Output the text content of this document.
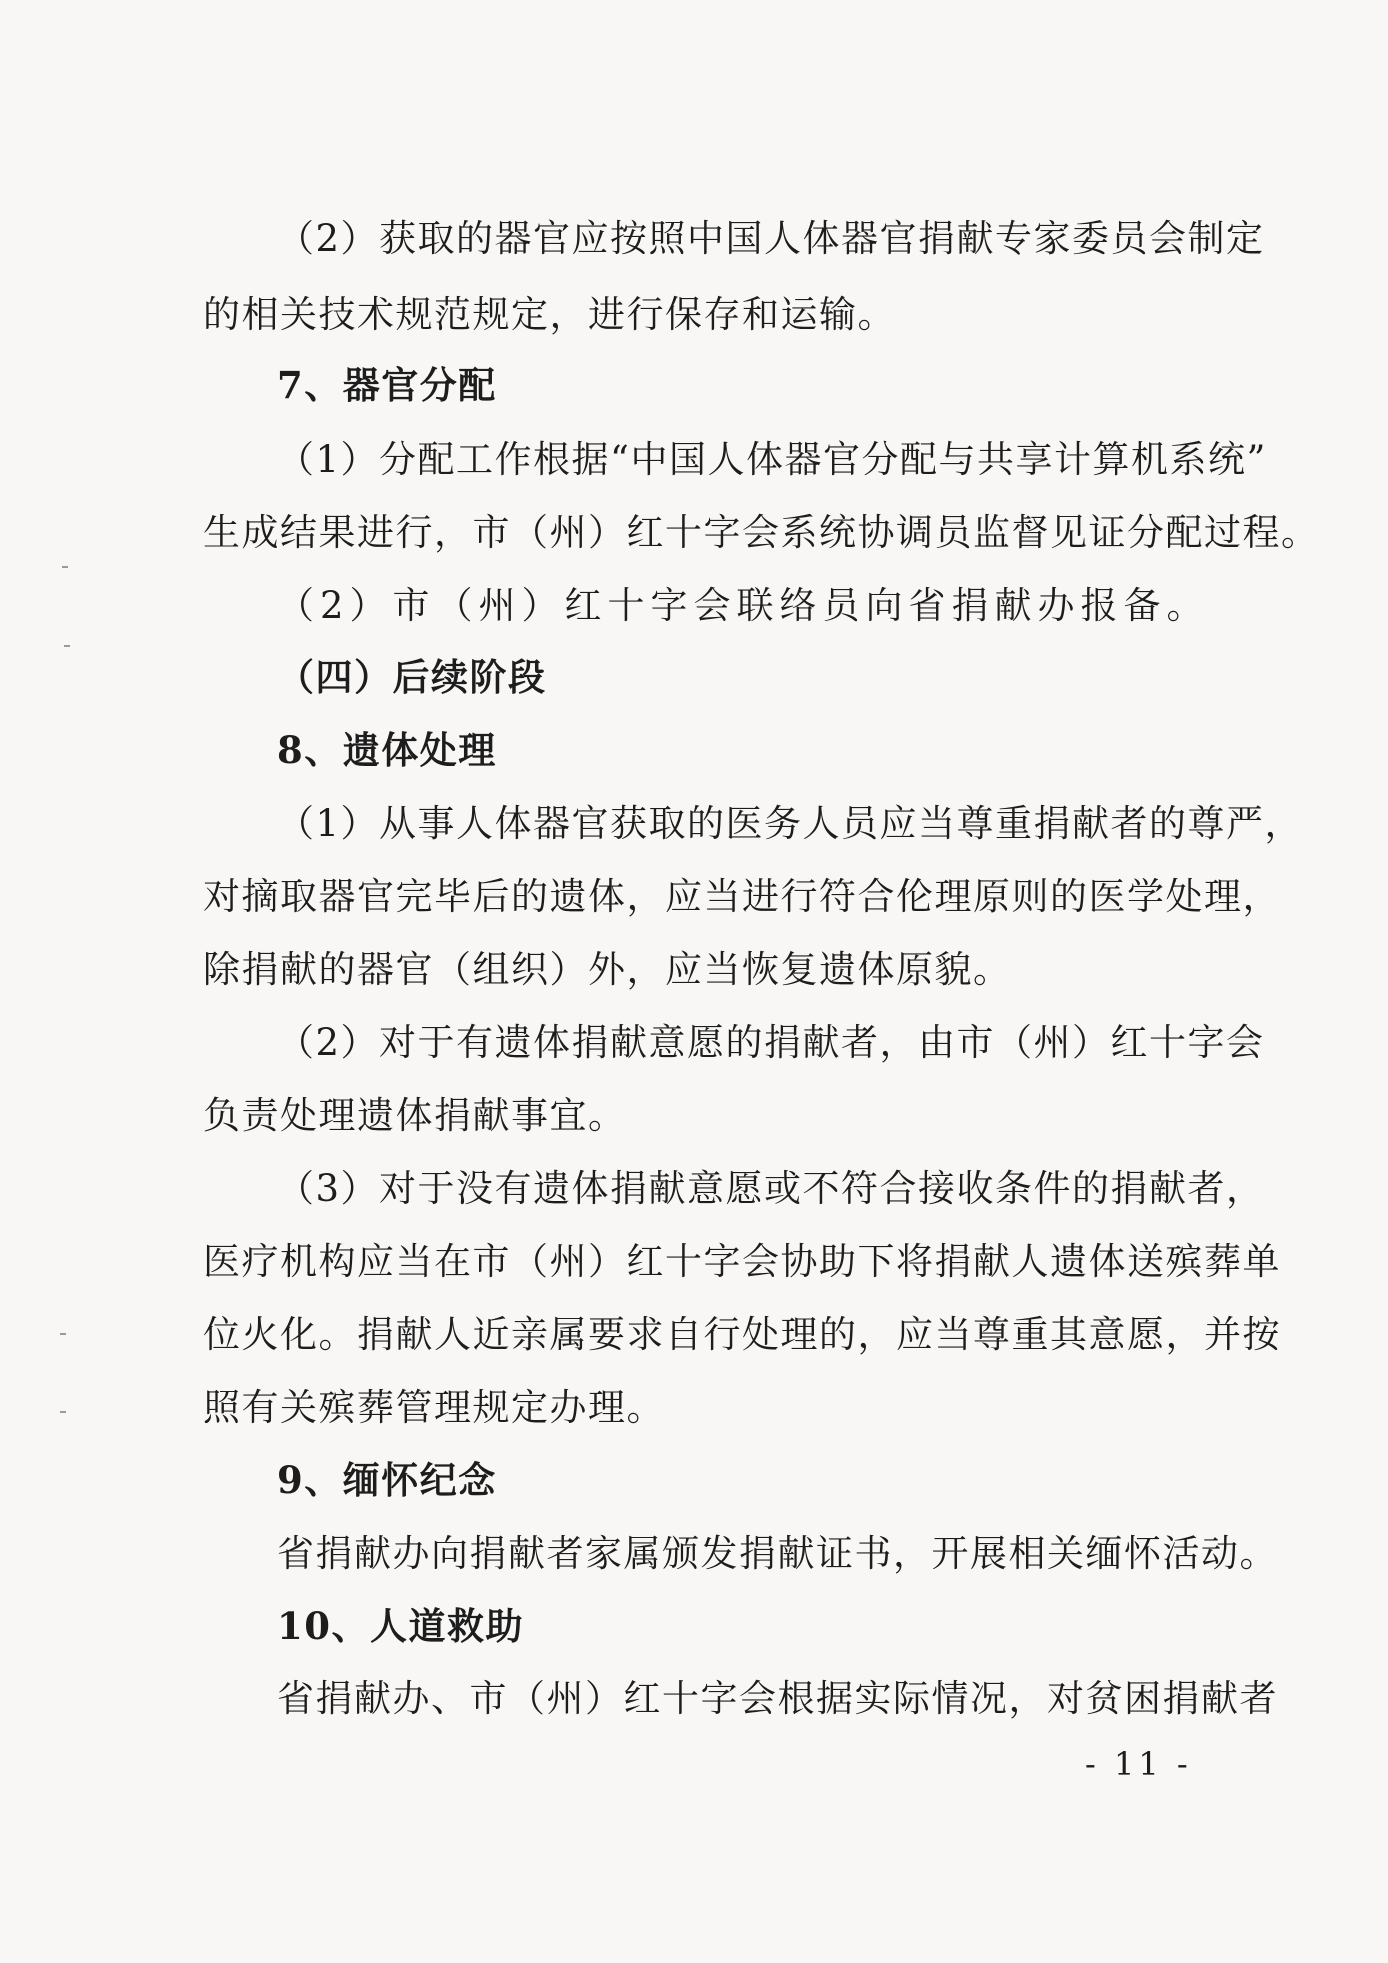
（2）获取的器官应按照中国人体器官捐献专家委员会制定
的相关技术规范规定，进行保存和运输。
7、器官分配
（1）分配工作根据“中国人体器官分配与共享计算机系统”
生成结果进行，市（州）红十字会系统协调员监督见证分配过程。
（2）市（州）红十字会联络员向省捐献办报备。
（四）后续阶段
8、遗体处理
（1）从事人体器官获取的医务人员应当尊重捐献者的尊严，
对摘取器官完毕后的遗体，应当进行符合伦理原则的医学处理，
除捐献的器官（组织）外，应当恢复遗体原貌。
（2）对于有遗体捐献意愿的捐献者，由市（州）红十字会
负责处理遗体捐献事宜。
（3）对于没有遗体捐献意愿或不符合接收条件的捐献者，
医疗机构应当在市（州）红十字会协助下将捐献人遗体送殡葬单
位火化。捐献人近亲属要求自行处理的，应当尊重其意愿，并按
照有关殡葬管理规定办理。
9、缅怀纪念
省捐献办向捐献者家属颁发捐献证书，开展相关缅怀活动。
10、人道救助
省捐献办、市（州）红十字会根据实际情况，对贫困捐献者
- 11 -
